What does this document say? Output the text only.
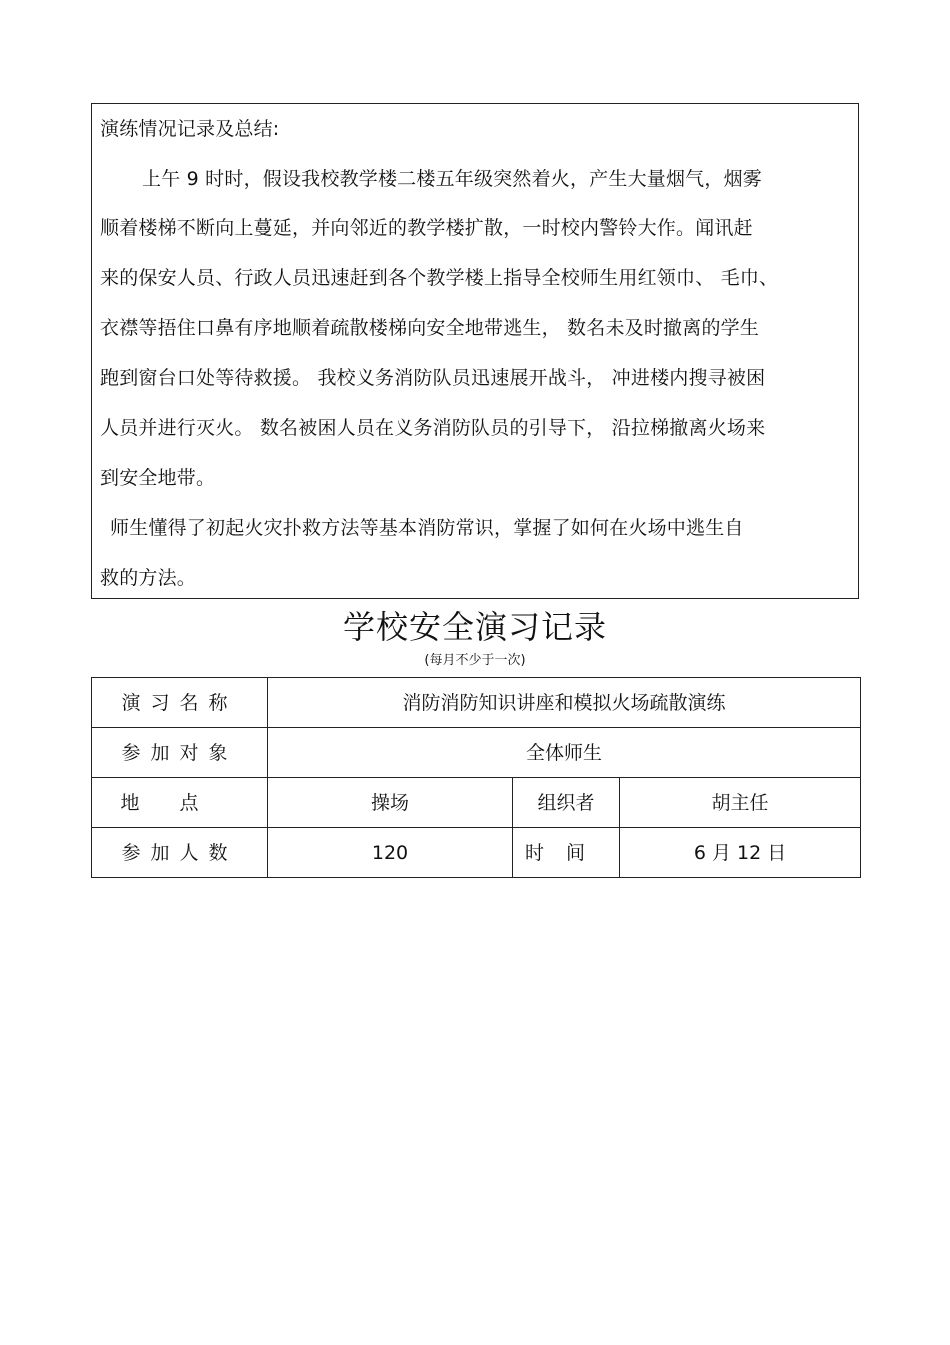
演练情况记录及总结:
上午 9 时时，假设我校教学楼二楼五年级突然着火，产生大量烟气，烟雾
顺着楼梯不断向上蔓延，并向邻近的教学楼扩散，一时校内警铃大作。闻讯赶
来的保安人员、行政人员迅速赶到各个教学楼上指导全校师生用红领巾、 毛巾、
衣襟等捂住口鼻有序地顺着疏散楼梯向安全地带逃生， 数名未及时撤离的学生
跑到窗台口处等待救援。 我校义务消防队员迅速展开战斗， 冲进楼内搜寻被困
人员并进行灭火。 数名被困人员在义务消防队员的引导下， 沿拉梯撤离火场来
到安全地带。
师生懂得了初起火灾扑救方法等基本消防常识，掌握了如何在火场中逃生自
救的方法。
学校安全演习记录
(每月不少于一次)
演习名称	消防消防知识讲座和模拟火场疏散演练		
参加对象	全体师生		
地点	操场	组织者	胡主任
参加人数	120	时间	6 月 12 日
